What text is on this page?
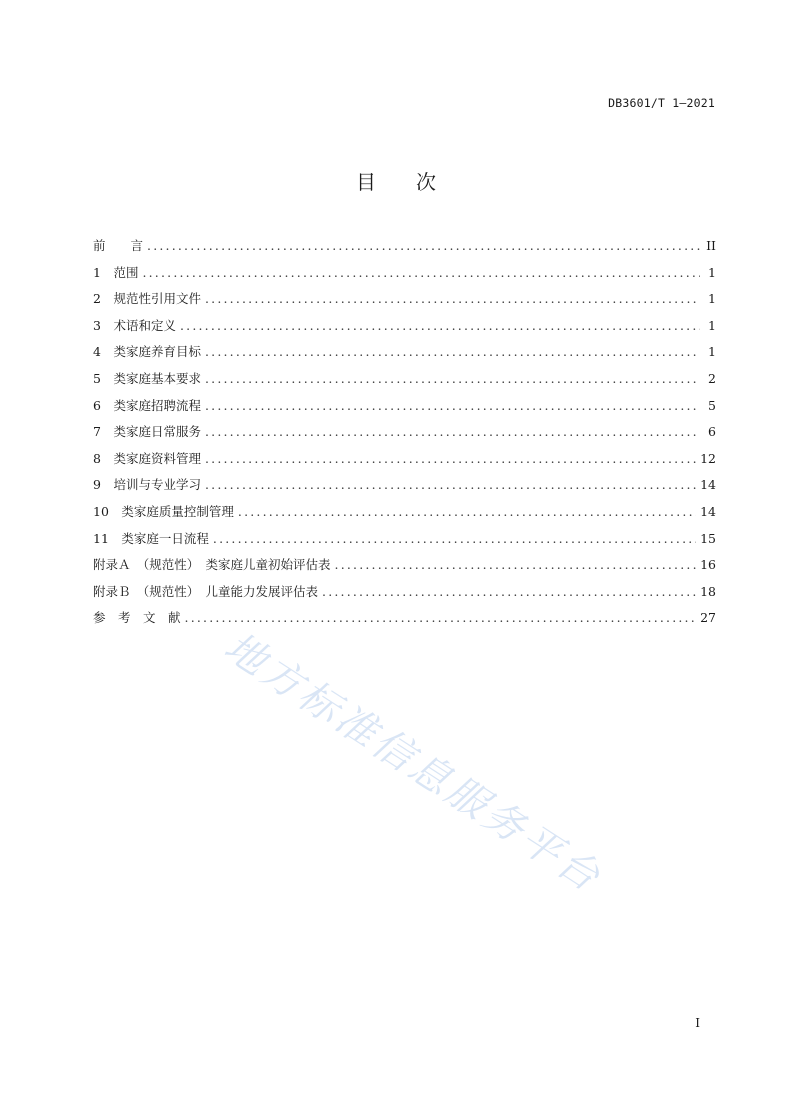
DB3601/T 1—2021
目　　次
前　　言 .....	II
1　范围 .....	1
2　规范性引用文件 .....	1
3　术语和定义 .....	1
4　类家庭养育目标 .....	1
5　类家庭基本要求 .....	2
6　类家庭招聘流程 .....	5
7　类家庭日常服务 .....	6
8　类家庭资料管理 .....	12
9　培训与专业学习 .....	14
10　类家庭质量控制管理 .....	14
11　类家庭一日流程 .....	15
附录Ａ　（规范性）　类家庭儿童初始评估表 .....	16
附录Ｂ　（规范性）　儿童能力发展评估表 .....	18
参　考　文　献 .....	27
地方标准信息服务平台
I
